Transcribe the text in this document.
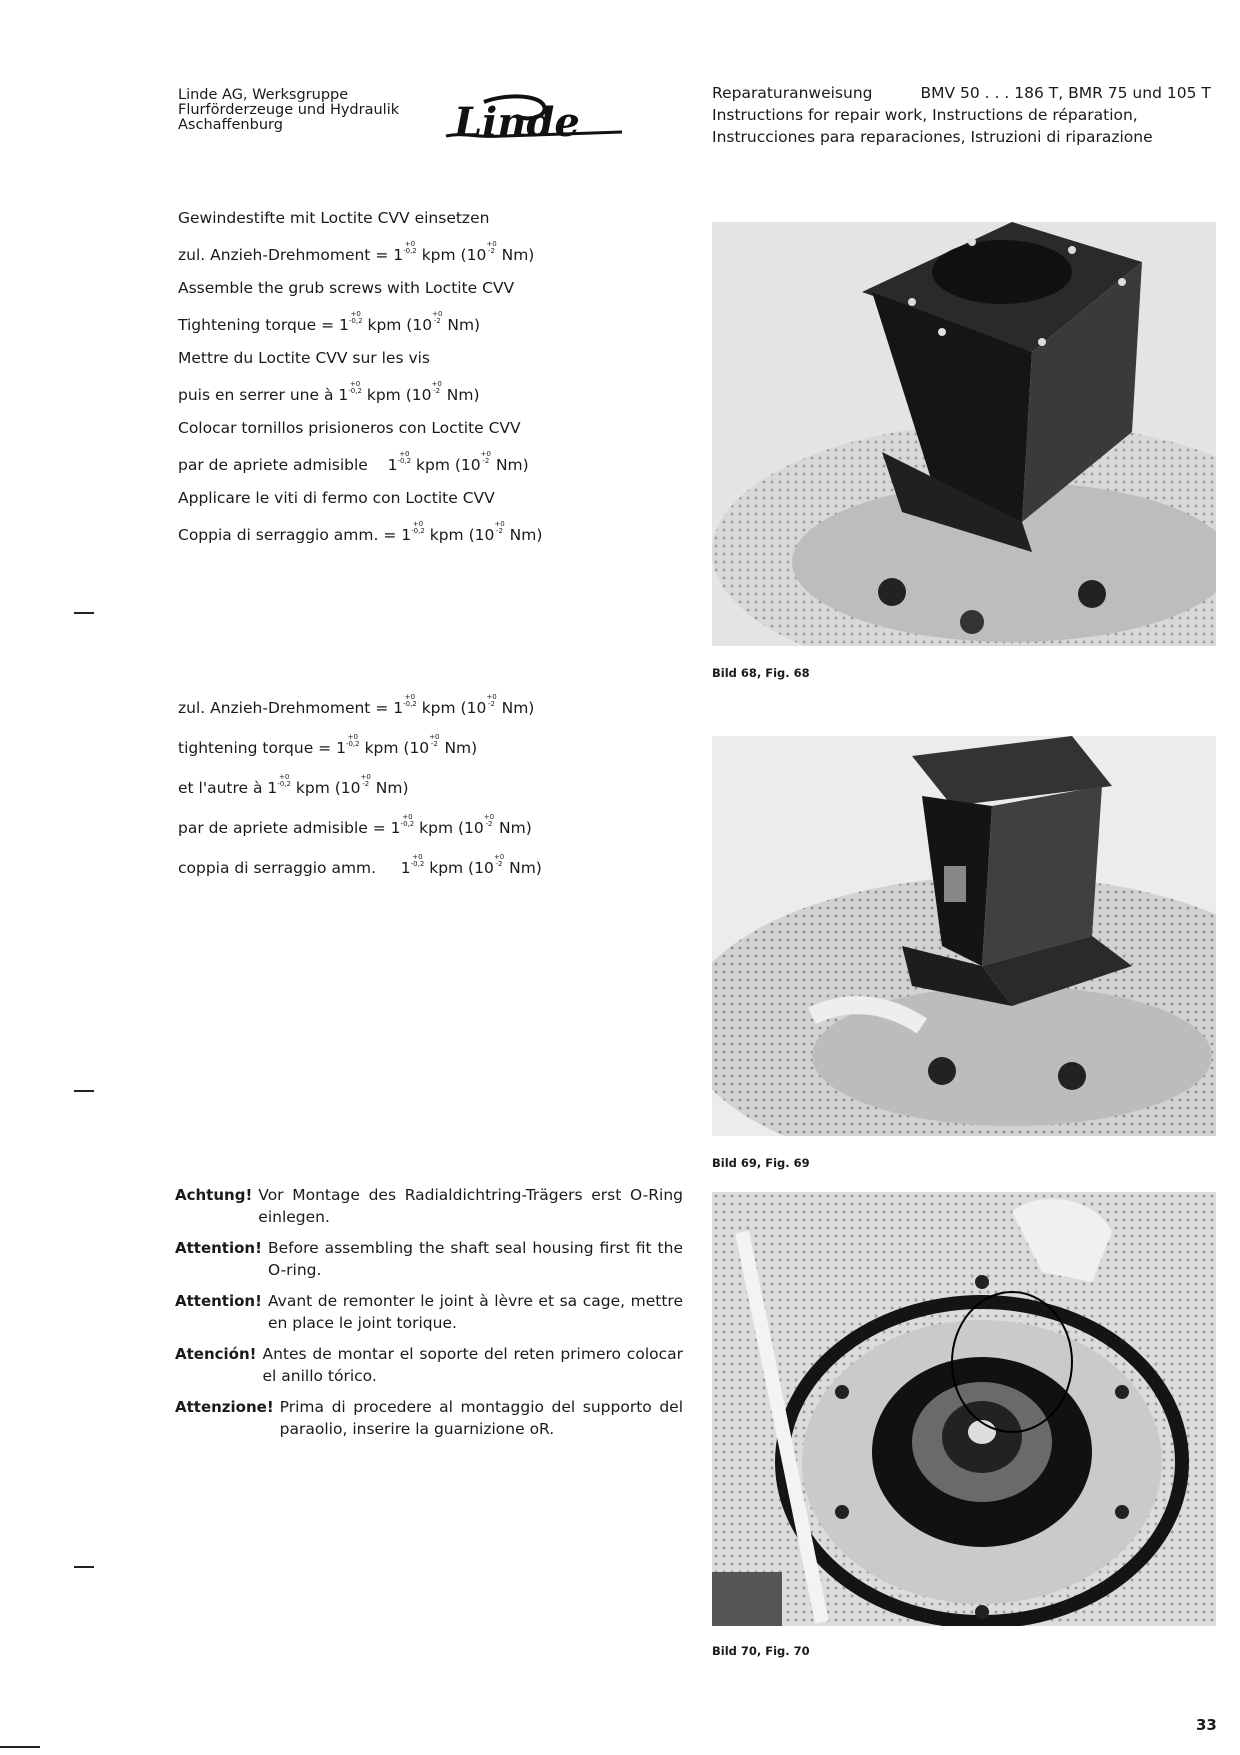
Linde AG, Werksgruppe
Flurförderzeuge und Hydraulik
Aschaffenburg	Linde
Reparaturanweisung	BMV 50 . . . 186 T, BMR 75 und 105 T
Instructions for repair work, Instructions de réparation,
Instrucciones para reparaciones, Istruzioni di riparazione
Gewindestifte mit Loctite CVV einsetzen
zul. Anzieh-Drehmoment = 1
+0
-0,2 kpm (10
+0
-2 Nm)
Assemble the grub screws with Loctite CVV
Tightening torque = 1
+0
-0,2 kpm (10
+0
-2 Nm)
Mettre du Loctite CVV sur les vis
puis en serrer une à 1
+0
-0,2 kpm (10
+0
-2 Nm)
Colocar tornillos prisioneros con Loctite CVV
par de apriete admisible 1
+0
-0,2 kpm (10
+0
-2 Nm)
Applicare le viti di fermo con Loctite CVV
Coppia di serraggio amm. = 1
+0
-0,2 kpm (10
+0
-2 Nm)
zul. Anzieh-Drehmoment = 1
+0
-0,2 kpm (10
+0
-2 Nm)
tightening torque = 1
+0
-0,2 kpm (10
+0
-2 Nm)
et l'autre à 1
+0
-0,2 kpm (10
+0
-2 Nm)
par de apriete admisible = 1
+0
-0,2 kpm (10
+0
-2 Nm)
coppia di serraggio amm. 1
+0
-0,2 kpm (10
+0
-2 Nm)
Achtung! Vor Montage des Radialdichtring-Trägers erst O-Ring einlegen.
Attention! Before assembling the shaft seal housing first fit the O-ring.
Attention! Avant de remonter le joint à lèvre et sa cage, mettre en place le joint torique.
Atención! Antes de montar el soporte del reten primero colocar el anillo tórico.
Attenzione! Prima di procedere al montaggio del supporto del paraolio, inserire la guarnizione oR.
Bild 68, Fig. 68
Bild 69, Fig. 69
Bild 70, Fig. 70
33
